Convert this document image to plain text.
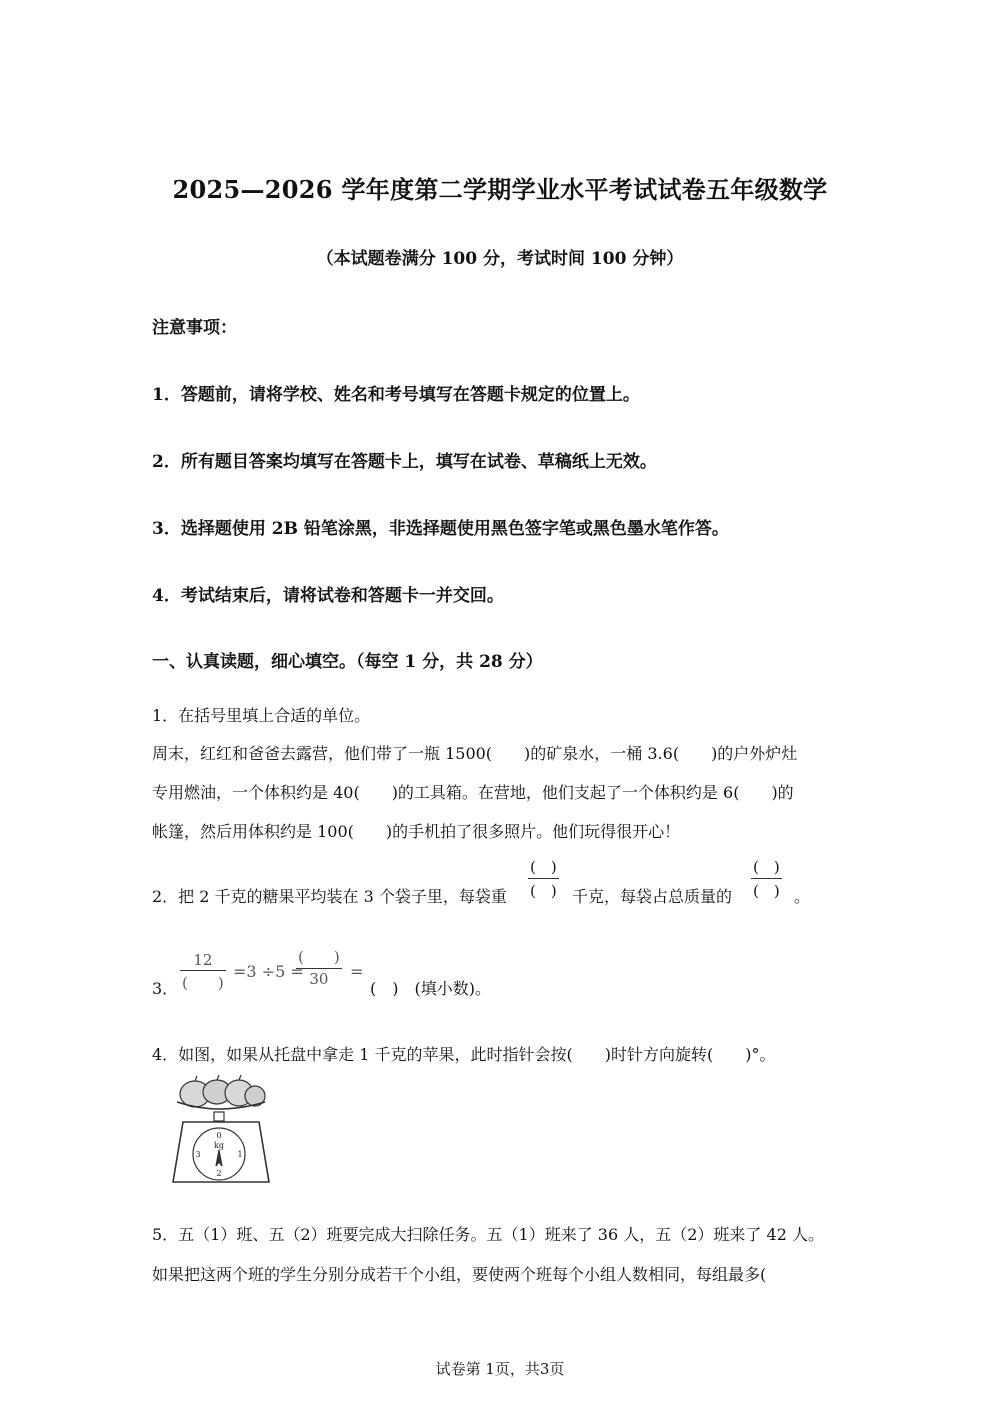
2025—2026 学年度第二学期学业水平考试试卷五年级数学
（本试题卷满分 100 分，考试时间 100 分钟）
注意事项：
1．答题前，请将学校、姓名和考号填写在答题卡规定的位置上。
2．所有题目答案均填写在答题卡上，填写在试卷、草稿纸上无效。
3．选择题使用 2B 铅笔涂黑，非选择题使用黑色签字笔或黑色墨水笔作答。
4．考试结束后，请将试卷和答题卡一并交回。
一、认真读题，细心填空。（每空 1 分，共 28 分）
1．在括号里填上合适的单位。
周末，红红和爸爸去露营，他们带了一瓶 1500(　　)的矿泉水，一桶 3.6(　　)的户外炉灶
专用燃油，一个体积约是 40(　　)的工具箱。在营地，他们支起了一个体积约是 6(　　)的
帐篷，然后用体积约是 100(　　)的手机拍了很多照片。他们玩得很开心！
2．把 2 千克的糖果平均装在 3 个袋子里，每袋重
(　)
(　) 千克，每袋占总质量的
(　)
(　) 。
3．
12
(　　)
=3 ÷5 =
(　　)
30	=
(　)　(填小数)。
4．如图，如果从托盘中拿走 1 千克的苹果，此时指针会按(　　)时针方向旋转(　　)°。
0
kg
3	1
2
5．五（1）班、五（2）班要完成大扫除任务。五（1）班来了 36 人，五（2）班来了 42 人。
如果把这两个班的学生分别分成若干个小组，要使两个班每个小组人数相同，每组最多(
试卷第 1页，共3页
